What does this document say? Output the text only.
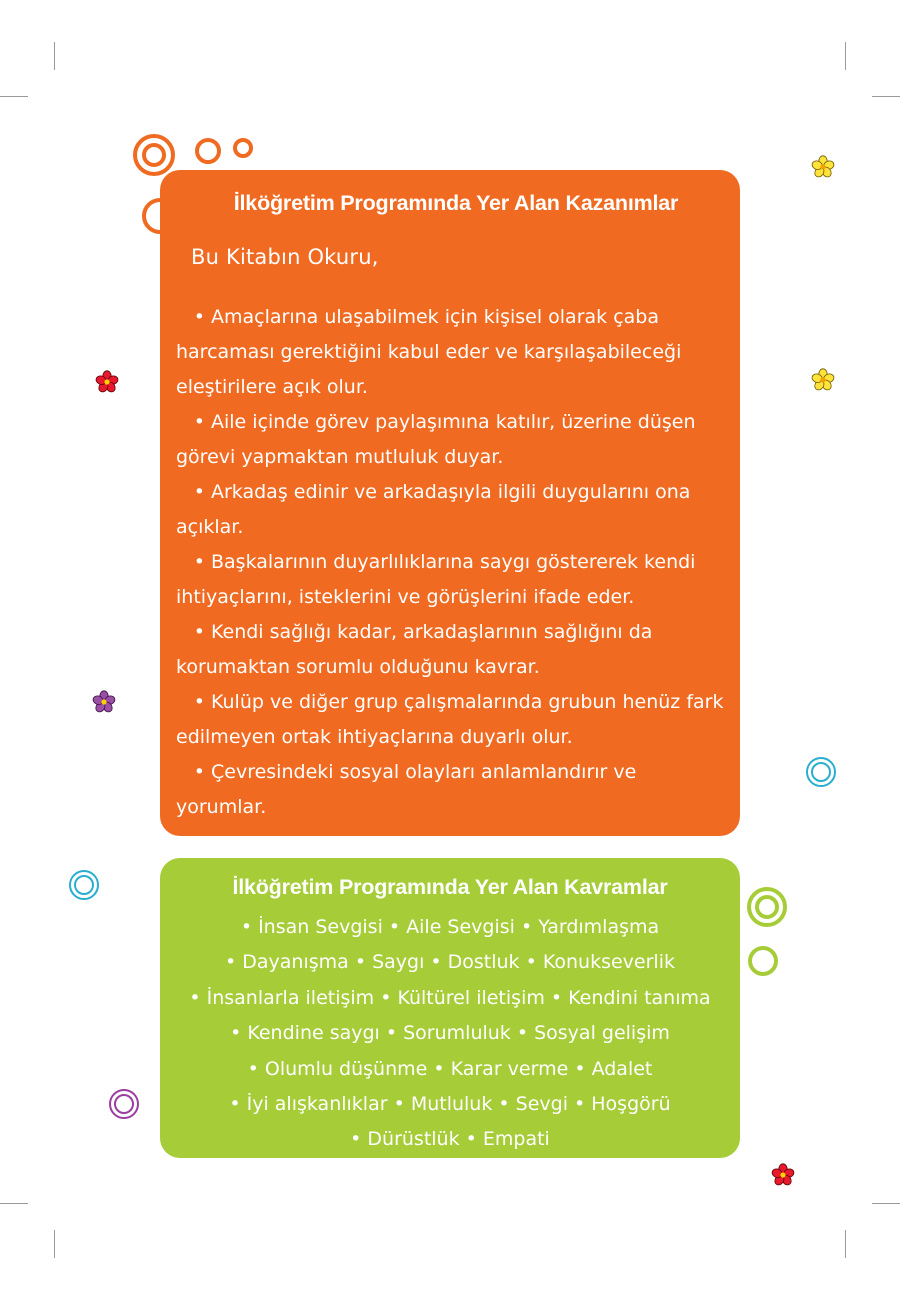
İlköğretim Programında Yer Alan Kazanımlar
Bu Kitabın Okuru,

• Amaçlarına ulaşabilmek için kişisel olarak çaba harcaması gerektiğini kabul eder ve karşılaşabileceği eleştirilere açık olur.

• Aile içinde görev paylaşımına katılır, üzerine düşen görevi yapmaktan mutluluk duyar.

• Arkadaş edinir ve arkadaşıyla ilgili duygularını ona açıklar.

• Başkalarının duyarlılıklarına saygı göstererek kendi ihtiyaçlarını, isteklerini ve görüşlerini ifade eder.

• Kendi sağlığı kadar, arkadaşlarının sağlığını da korumaktan sorumlu olduğunu kavrar.

• Kulüp ve diğer grup çalışmalarında grubun henüz fark edilmeyen ortak ihtiyaçlarına duyarlı olur.

• Çevresindeki sosyal olayları anlamlandırır ve yorumlar.

İlköğretim Programında Yer Alan Kavramlar
• İnsan Sevgisi • Aile Sevgisi • Yardımlaşma
• Dayanışma • Saygı • Dostluk • Konukseverlik
• İnsanlarla iletişim • Kültürel iletişim • Kendini tanıma
• Kendine saygı • Sorumluluk • Sosyal gelişim
• Olumlu düşünme • Karar verme • Adalet
• İyi alışkanlıklar • Mutluluk • Sevgi • Hoşgörü
• Dürüstlük • Empati
